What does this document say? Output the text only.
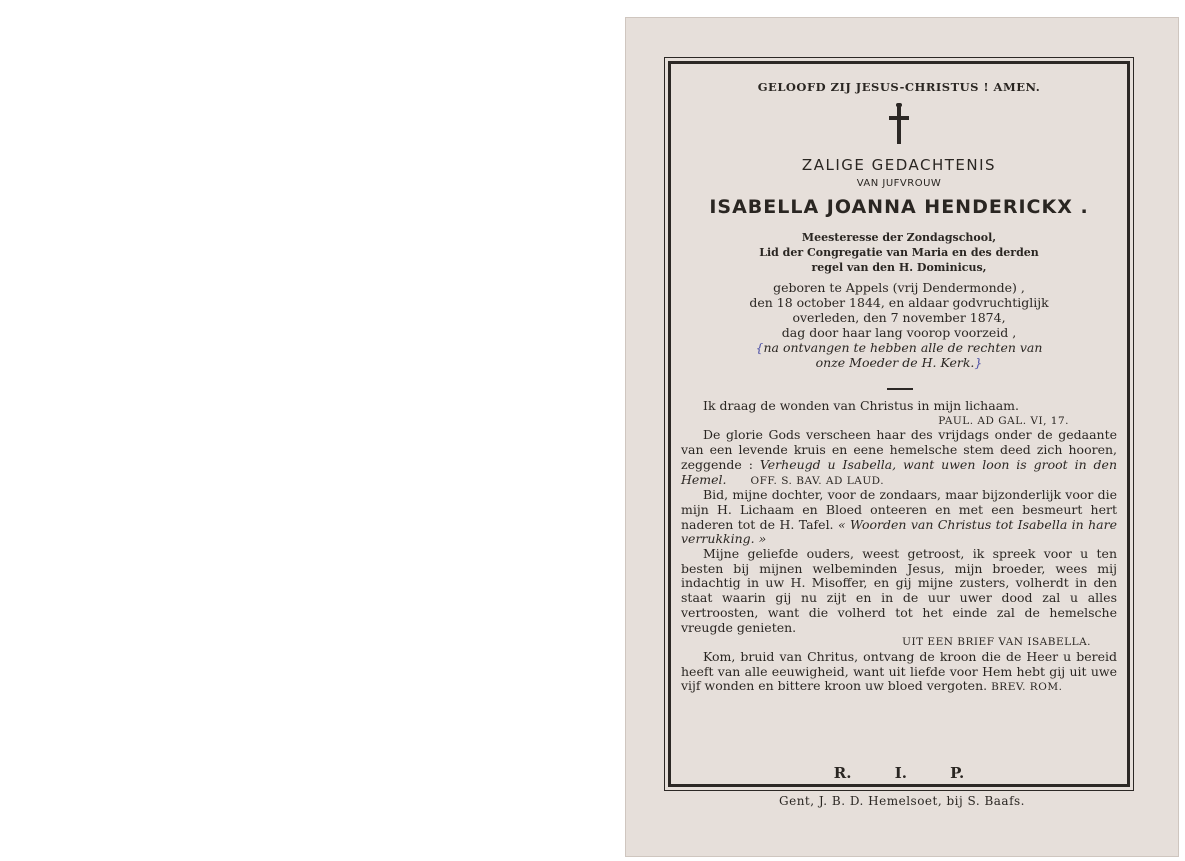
GELOOFD ZIJ JESUS-CHRISTUS ! AMEN.
ZALIGE GEDACHTENIS
VAN JUFVROUW
ISABELLA JOANNA HENDERICKX .
Meesteresse der Zondagschool,
Lid der Congregatie van Maria en des derden
regel van den H. Dominicus,
geboren te Appels (vrij Dendermonde) ,
den 18 october 1844, en aldaar godvruchtiglijk
overleden, den 7 november 1874,
dag door haar lang voorop voorzeid ,
{na ontvangen te hebben alle de rechten van
onze Moeder de H. Kerk.}

Ik draag de wonden van Christus in mijn lichaam.

PAUL. AD GAL. VI, 17.

De glorie Gods verscheen haar des vrijdags onder de gedaante van een levende kruis en eene hemelsche stem deed zich hooren, zeggende : Verheugd u Isabella, want uwen loon is groot in den Hemel. OFF. S. BAV. AD LAUD.

Bid, mijne dochter, voor de zondaars, maar bijzonderlijk voor die mijn H. Lichaam en Bloed onteeren en met een besmeurt hert naderen tot de H. Tafel. « Woorden van Christus tot Isabella in hare verrukking. »

Mijne geliefde ouders, weest getroost, ik spreek voor u ten besten bij mijnen welbeminden Jesus, mijn broeder, wees mij indachtig in uw H. Misoffer, en gij mijne zusters, volherdt in den staat waarin gij nu zijt en in de uur uwer dood zal u alles vertroosten, want die volherd tot het einde zal de hemelsche vreugde genieten.

UIT EEN BRIEF VAN ISABELLA.

Kom, bruid van Chritus, ontvang de kroon die de Heer u bereid heeft van alle eeuwigheid, want uit liefde voor Hem hebt gij uit uwe vijf wonden en bittere kroon uw bloed vergoten. BREV. ROM.

R. I. P.
Gent, J. B. D. Hemelsoet, bij S. Baafs.
